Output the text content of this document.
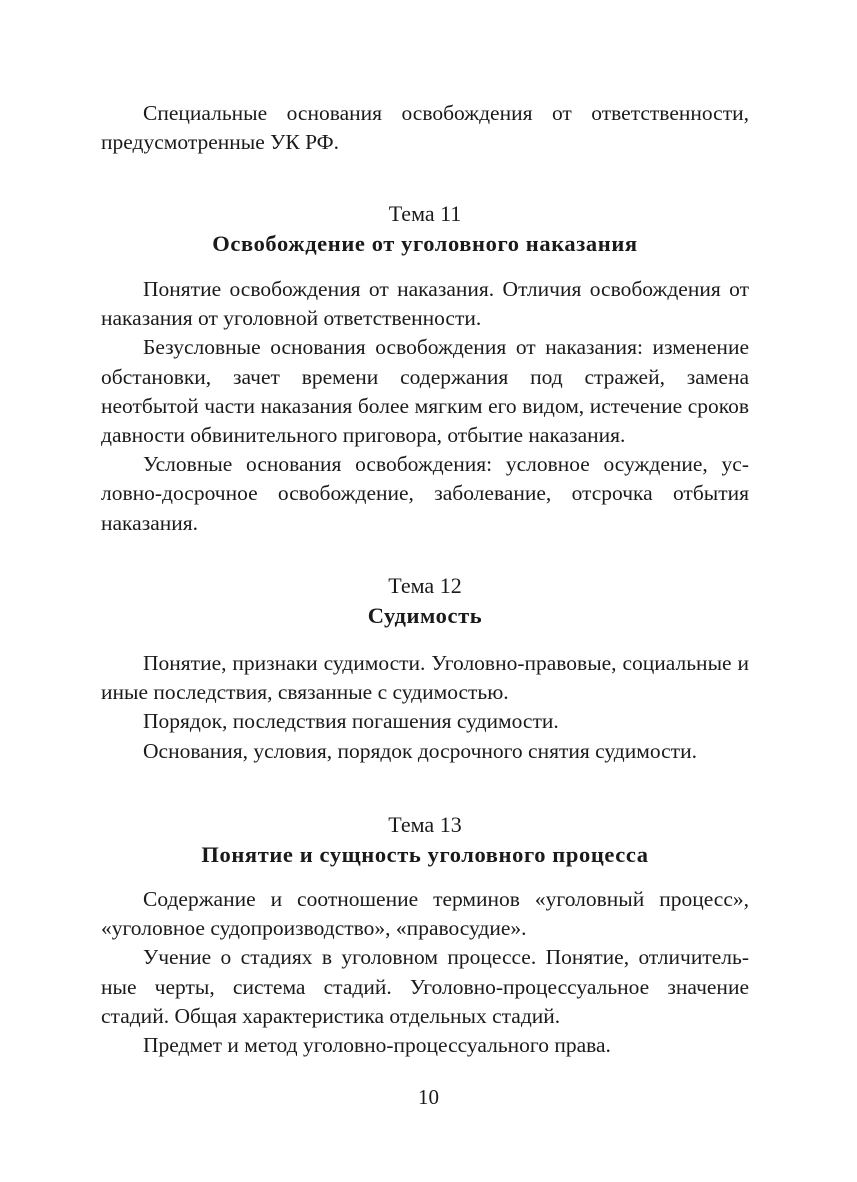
Специальные основания освобождения от ответственности, предусмотренные УК РФ.

Тема 11
Освобождение от уголовного наказания

Понятие освобождения от наказания. Отличия освобождения от наказания от уголовной ответственности.

Безусловные основания освобождения от наказания: изменение обстановки, зачет времени содержания под стражей, замена неотбытой части наказания более мягким его видом, истечение сроков давности обвинительного приговора, отбытие наказания.

Условные основания освобождения: условное осуждение, условно-досрочное освобождение, заболевание, отсрочка отбытия наказания.

Тема 12
Судимость

Понятие, признаки судимости. Уголовно-правовые, социальные и иные последствия, связанные с судимостью.

Порядок, последствия погашения судимости.

Основания, условия, порядок досрочного снятия судимости.

Тема 13
Понятие и сущность уголовного процесса

Содержание и соотношение терминов «уголовный процесс», «уголовное судопроизводство», «правосудие».

Учение о стадиях в уголовном процессе. Понятие, отличительные черты, система стадий. Уголовно-процессуальное значение стадий. Общая характеристика отдельных стадий.

Предмет и метод уголовно-процессуального права.

10
